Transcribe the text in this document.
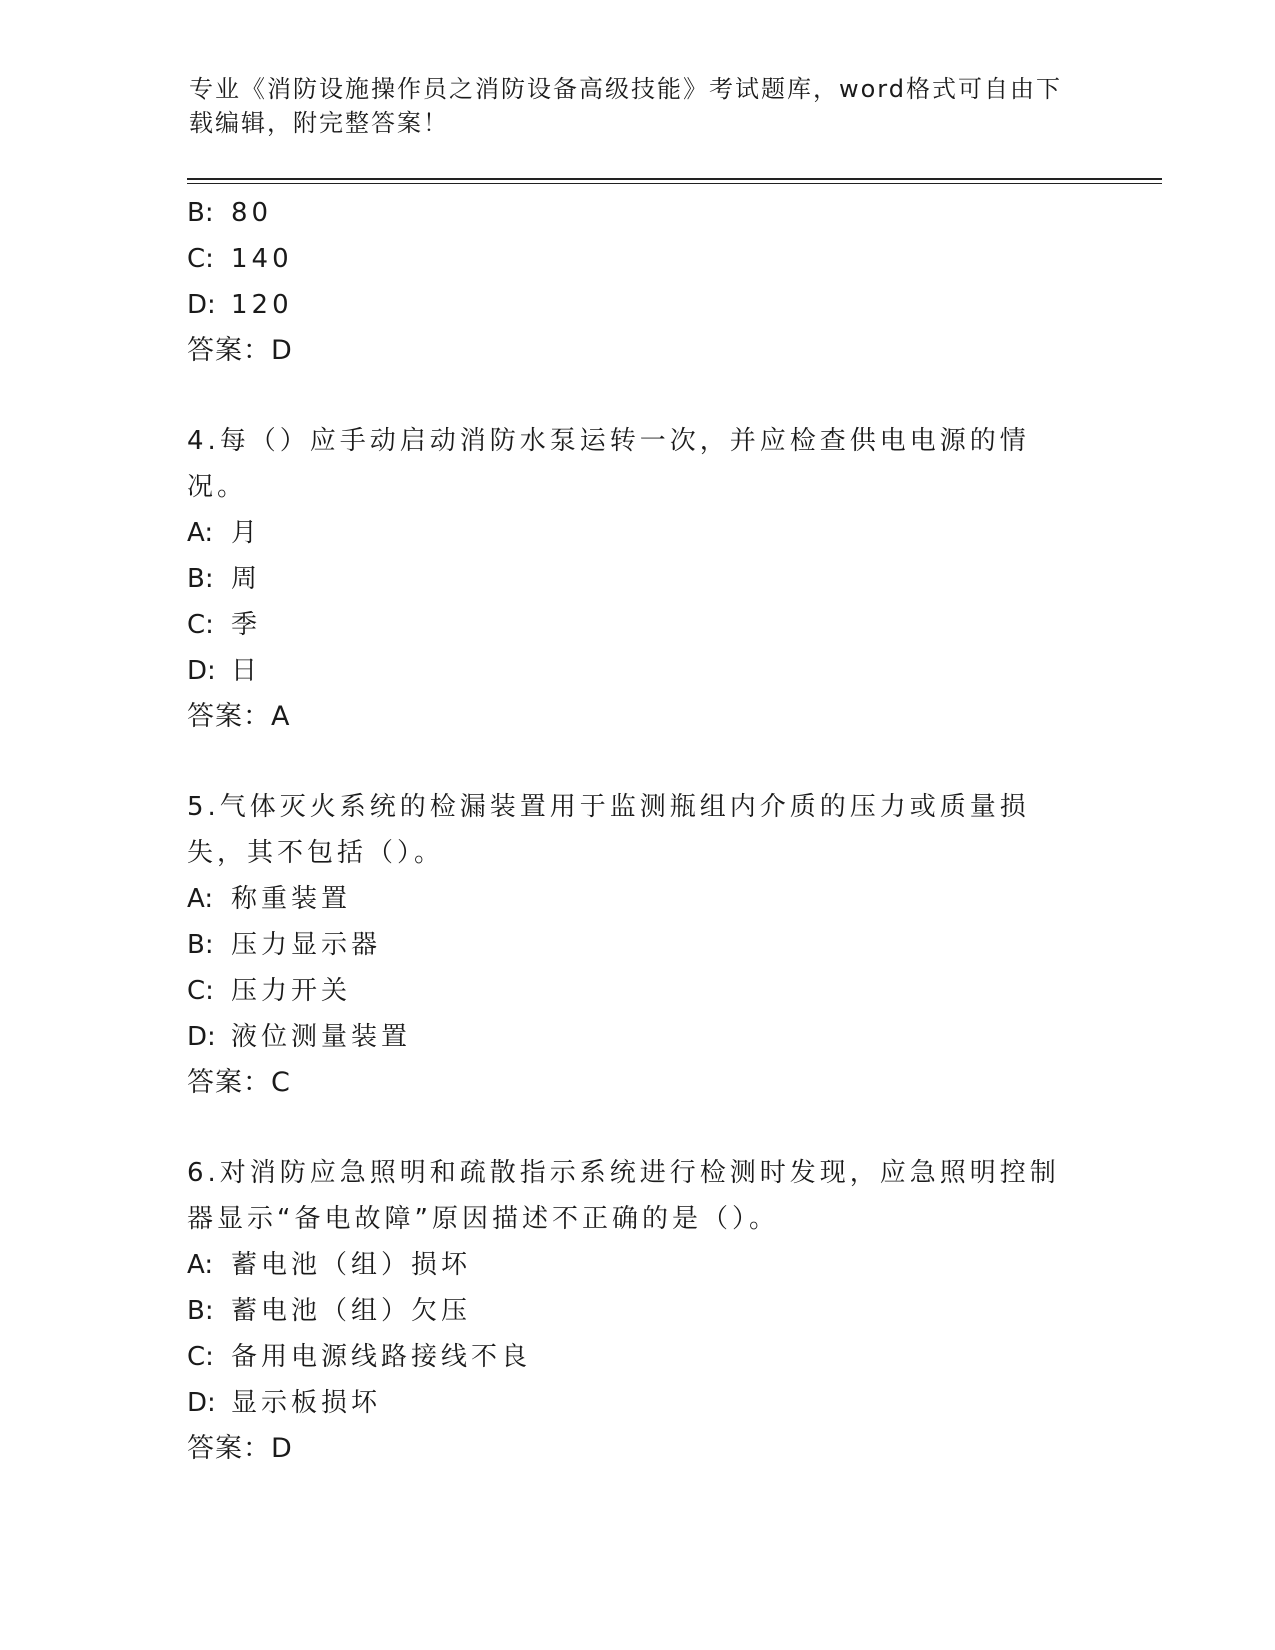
专业《消防设施操作员之消防设备高级技能》考试题库，word格式可自由下载编辑，附完整答案！
B: 80
C: 140
D: 120
答案：D
4.每（）应手动启动消防水泵运转一次，并应检查供电电源的情况。
A: 月
B: 周
C: 季
D: 日
答案：A
5.气体灭火系统的检漏装置用于监测瓶组内介质的压力或质量损失，其不包括（）。
A: 称重装置
B: 压力显示器
C: 压力开关
D: 液位测量装置
答案：C
6.对消防应急照明和疏散指示系统进行检测时发现，应急照明控制器显示“备电故障”原因描述不正确的是（）。
A: 蓄电池（组）损坏
B: 蓄电池（组）欠压
C: 备用电源线路接线不良
D: 显示板损坏
答案：D
